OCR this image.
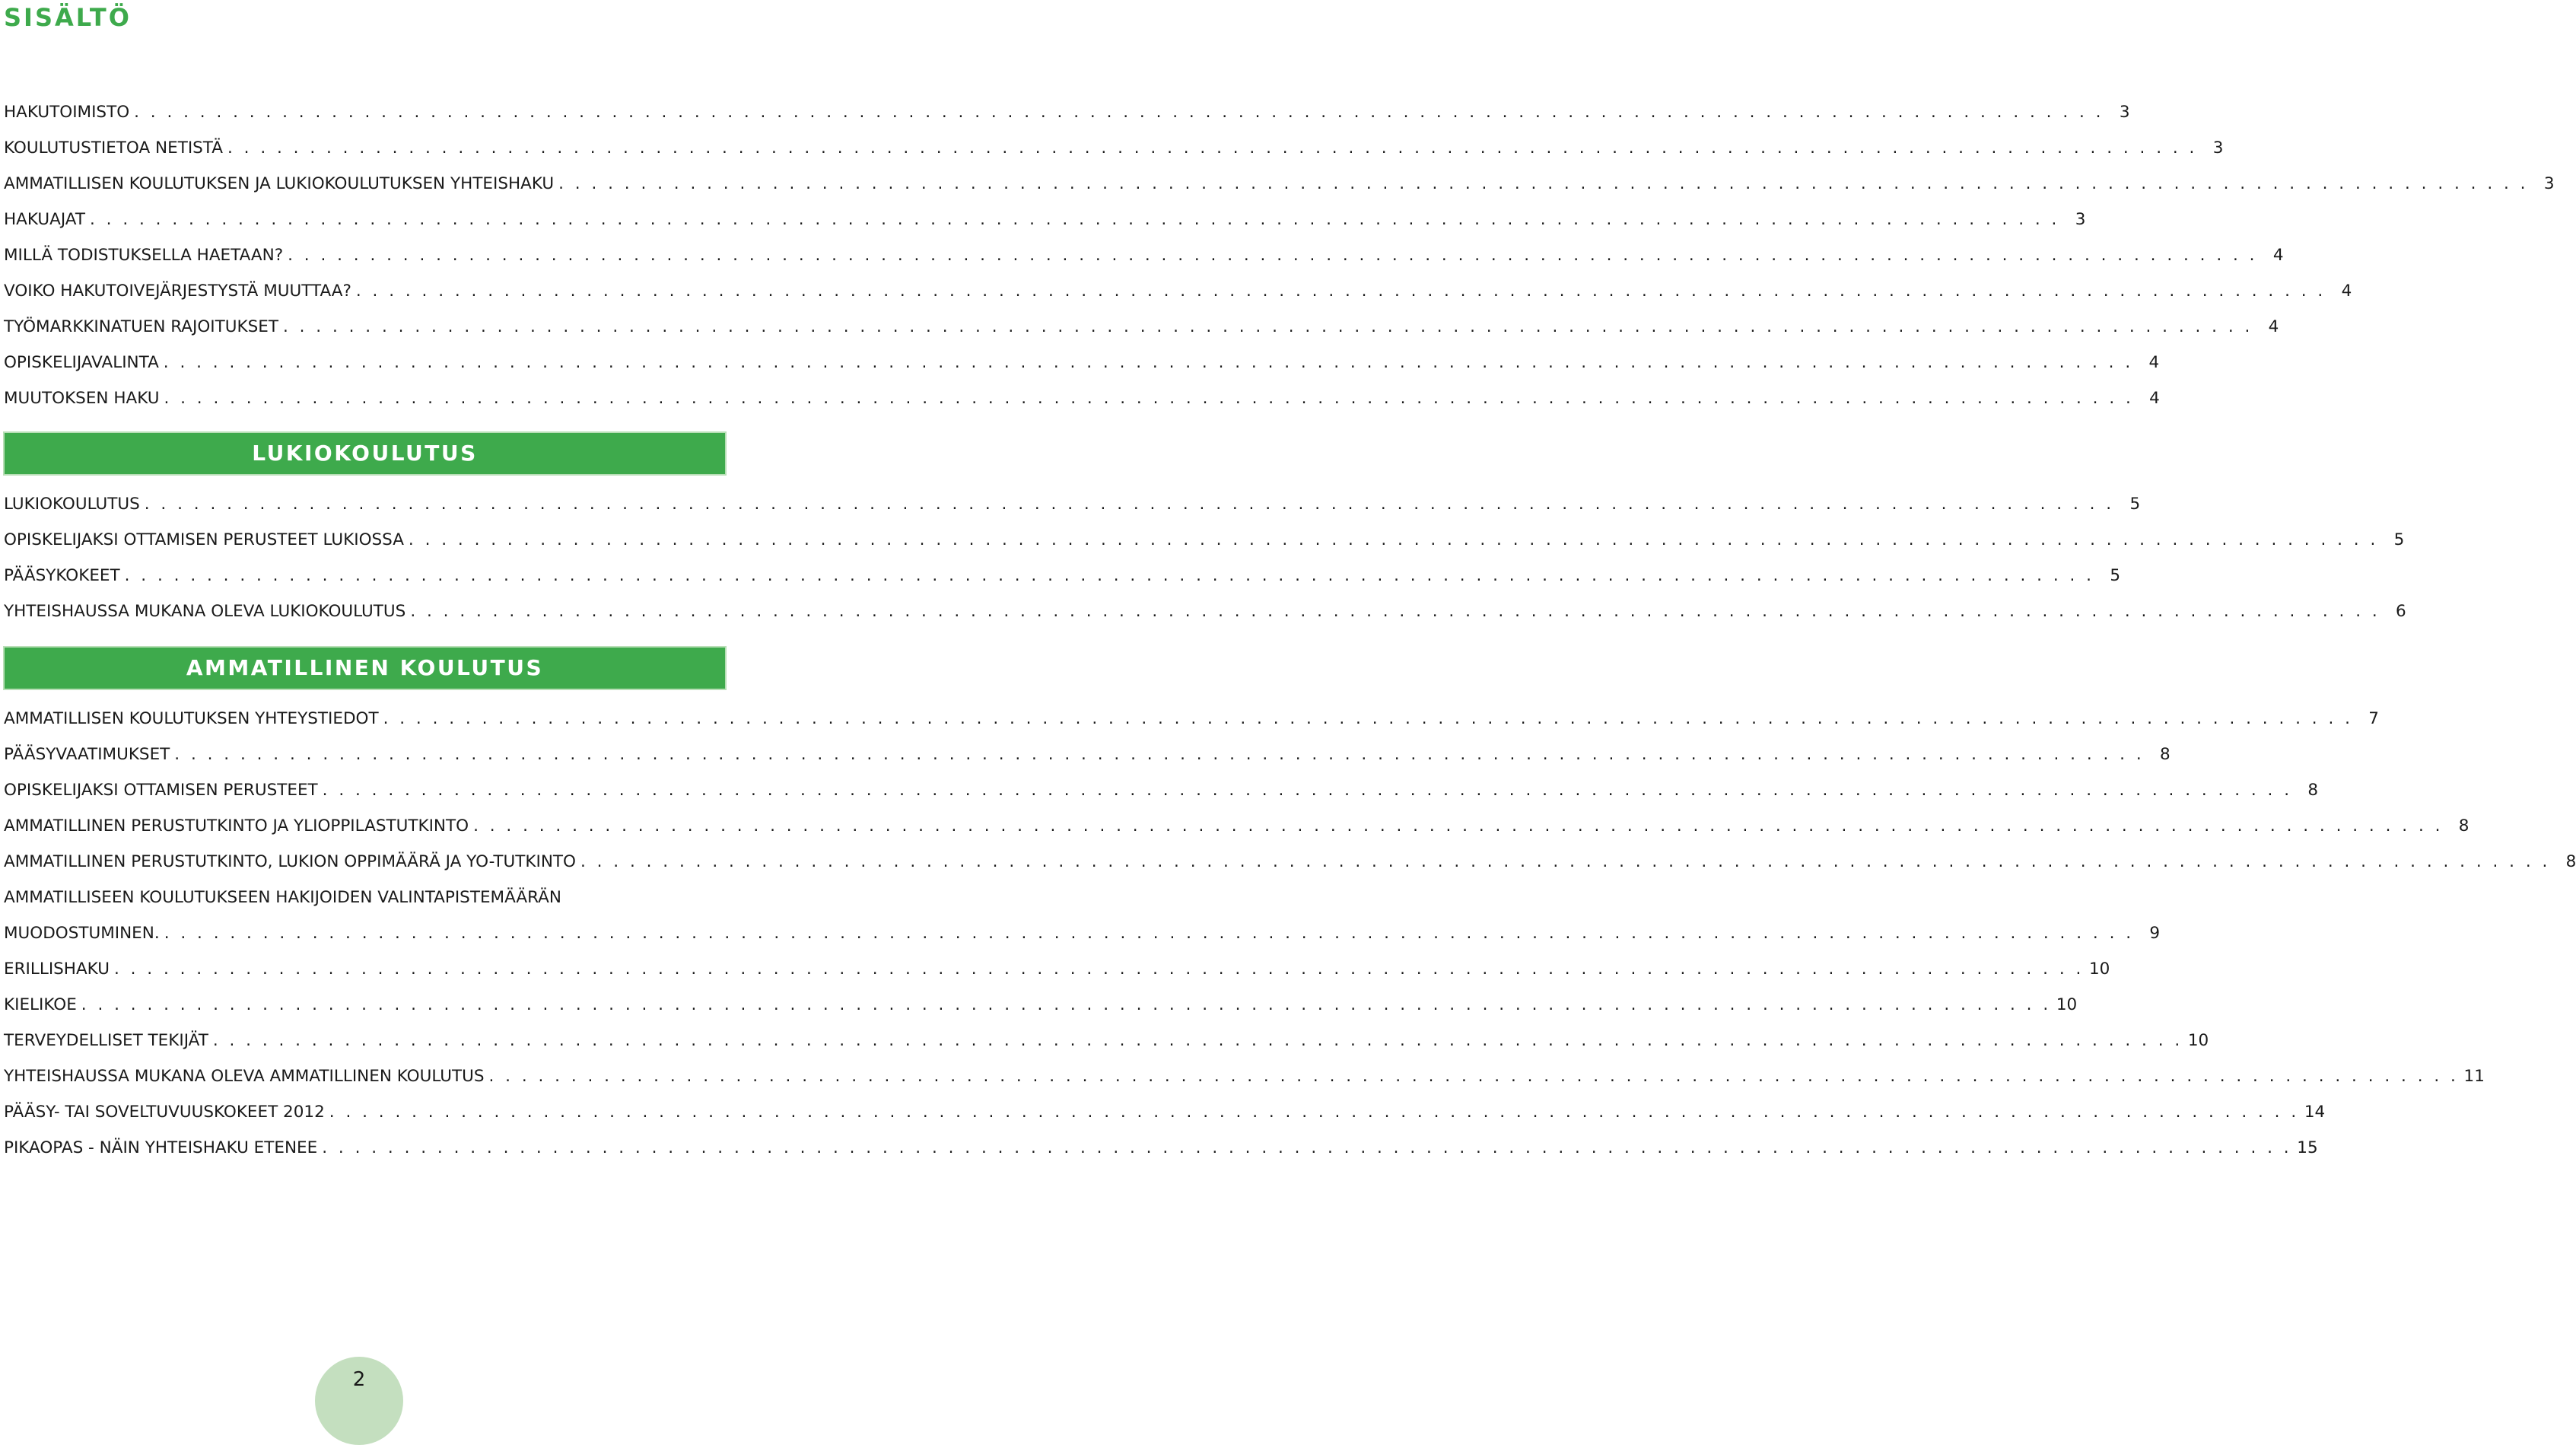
SISÄLTÖ
HAKUTOIMISTO . . . . . . . . . . . . . . . . . . . . . . . . . . . . . . . . . . . . . . . . . . . . . . . . . . . . . . . . . . . . . . . . . . . . . . . . . . . . . . . . . . . . . . . . . . . . . . . . . . . . . . . . . . . . . . . . . . . . . . . . 3
KOULUTUSTIETOA NETISTÄ . . . . . . . . . . . . . . . . . . . . . . . . . . . . . . . . . . . . . . . . . . . . . . . . . . . . . . . . . . . . . . . . . . . . . . . . . . . . . . . . . . . . . . . . . . . . . . . . . . . . . . . . . . . . . . . . . . . . . . . . 3
AMMATILLISEN KOULUTUKSEN JA LUKIOKOULUTUKSEN YHTEISHAKU . . . . . . . . . . . . . . . . . . . . . . . . . . . . . . . . . . . . . . . . . . . . . . . . . . . . . . . . . . . . . . . . . . . . . . . . . . . . . . . . . . . . . . . . . . . . . . . . . . . . . . . . . . . . . . . . . . . . . . . . 3
HAKUAJAT . . . . . . . . . . . . . . . . . . . . . . . . . . . . . . . . . . . . . . . . . . . . . . . . . . . . . . . . . . . . . . . . . . . . . . . . . . . . . . . . . . . . . . . . . . . . . . . . . . . . . . . . . . . . . . . . . . . . . . . . 3
MILLÄ TODISTUKSELLA HAETAAN? . . . . . . . . . . . . . . . . . . . . . . . . . . . . . . . . . . . . . . . . . . . . . . . . . . . . . . . . . . . . . . . . . . . . . . . . . . . . . . . . . . . . . . . . . . . . . . . . . . . . . . . . . . . . . . . . . . . . . . . . 4
VOIKO HAKUTOIVEJÄRJESTYSTÄ MUUTTAA? . . . . . . . . . . . . . . . . . . . . . . . . . . . . . . . . . . . . . . . . . . . . . . . . . . . . . . . . . . . . . . . . . . . . . . . . . . . . . . . . . . . . . . . . . . . . . . . . . . . . . . . . . . . . . . . . . . . . . . . . 4
TYÖMARKKINATUEN RAJOITUKSET . . . . . . . . . . . . . . . . . . . . . . . . . . . . . . . . . . . . . . . . . . . . . . . . . . . . . . . . . . . . . . . . . . . . . . . . . . . . . . . . . . . . . . . . . . . . . . . . . . . . . . . . . . . . . . . . . . . . . . . . 4
OPISKELIJAVALINTA . . . . . . . . . . . . . . . . . . . . . . . . . . . . . . . . . . . . . . . . . . . . . . . . . . . . . . . . . . . . . . . . . . . . . . . . . . . . . . . . . . . . . . . . . . . . . . . . . . . . . . . . . . . . . . . . . . . . . . . . 4
MUUTOKSEN HAKU . . . . . . . . . . . . . . . . . . . . . . . . . . . . . . . . . . . . . . . . . . . . . . . . . . . . . . . . . . . . . . . . . . . . . . . . . . . . . . . . . . . . . . . . . . . . . . . . . . . . . . . . . . . . . . . . . . . . . . . . 4
LUKIOKOULUTUS
LUKIOKOULUTUS . . . . . . . . . . . . . . . . . . . . . . . . . . . . . . . . . . . . . . . . . . . . . . . . . . . . . . . . . . . . . . . . . . . . . . . . . . . . . . . . . . . . . . . . . . . . . . . . . . . . . . . . . . . . . . . . . . . . . . . . 5
OPISKELIJAKSI OTTAMISEN PERUSTEET LUKIOSSA . . . . . . . . . . . . . . . . . . . . . . . . . . . . . . . . . . . . . . . . . . . . . . . . . . . . . . . . . . . . . . . . . . . . . . . . . . . . . . . . . . . . . . . . . . . . . . . . . . . . . . . . . . . . . . . . . . . . . . . . 5
PÄÄSYKOKEET . . . . . . . . . . . . . . . . . . . . . . . . . . . . . . . . . . . . . . . . . . . . . . . . . . . . . . . . . . . . . . . . . . . . . . . . . . . . . . . . . . . . . . . . . . . . . . . . . . . . . . . . . . . . . . . . . . . . . . . . 5
YHTEISHAUSSA MUKANA OLEVA LUKIOKOULUTUS . . . . . . . . . . . . . . . . . . . . . . . . . . . . . . . . . . . . . . . . . . . . . . . . . . . . . . . . . . . . . . . . . . . . . . . . . . . . . . . . . . . . . . . . . . . . . . . . . . . . . . . . . . . . . . . . . . . . . . . . 6
AMMATILLINEN KOULUTUS
AMMATILLISEN KOULUTUKSEN YHTEYSTIEDOT . . . . . . . . . . . . . . . . . . . . . . . . . . . . . . . . . . . . . . . . . . . . . . . . . . . . . . . . . . . . . . . . . . . . . . . . . . . . . . . . . . . . . . . . . . . . . . . . . . . . . . . . . . . . . . . . . . . . . . . . 7
PÄÄSYVAATIMUKSET . . . . . . . . . . . . . . . . . . . . . . . . . . . . . . . . . . . . . . . . . . . . . . . . . . . . . . . . . . . . . . . . . . . . . . . . . . . . . . . . . . . . . . . . . . . . . . . . . . . . . . . . . . . . . . . . . . . . . . . . 8
OPISKELIJAKSI OTTAMISEN PERUSTEET . . . . . . . . . . . . . . . . . . . . . . . . . . . . . . . . . . . . . . . . . . . . . . . . . . . . . . . . . . . . . . . . . . . . . . . . . . . . . . . . . . . . . . . . . . . . . . . . . . . . . . . . . . . . . . . . . . . . . . . . 8
AMMATILLINEN PERUSTUTKINTO JA YLIOPPILASTUTKINTO . . . . . . . . . . . . . . . . . . . . . . . . . . . . . . . . . . . . . . . . . . . . . . . . . . . . . . . . . . . . . . . . . . . . . . . . . . . . . . . . . . . . . . . . . . . . . . . . . . . . . . . . . . . . . . . . . . . . . . . . 8
AMMATILLINEN PERUSTUTKINTO, LUKION OPPIMÄÄRÄ JA YO-TUTKINTO . . . . . . . . . . . . . . . . . . . . . . . . . . . . . . . . . . . . . . . . . . . . . . . . . . . . . . . . . . . . . . . . . . . . . . . . . . . . . . . . . . . . . . . . . . . . . . . . . . . . . . . . . . . . . . . . . . . . . . . . 8
AMMATILLISEEN KOULUTUKSEEN HAKIJOIDEN VALINTAPISTEMÄÄRÄN
MUODOSTUMINEN. . . . . . . . . . . . . . . . . . . . . . . . . . . . . . . . . . . . . . . . . . . . . . . . . . . . . . . . . . . . . . . . . . . . . . . . . . . . . . . . . . . . . . . . . . . . . . . . . . . . . . . . . . . . . . . . . . . . . . . . . 9
ERILLISHAKU . . . . . . . . . . . . . . . . . . . . . . . . . . . . . . . . . . . . . . . . . . . . . . . . . . . . . . . . . . . . . . . . . . . . . . . . . . . . . . . . . . . . . . . . . . . . . . . . . . . . . . . . . . . . . . . . . . . . . . . . 10
KIELIKOE . . . . . . . . . . . . . . . . . . . . . . . . . . . . . . . . . . . . . . . . . . . . . . . . . . . . . . . . . . . . . . . . . . . . . . . . . . . . . . . . . . . . . . . . . . . . . . . . . . . . . . . . . . . . . . . . . . . . . . . . 10
TERVEYDELLISET TEKIJÄT . . . . . . . . . . . . . . . . . . . . . . . . . . . . . . . . . . . . . . . . . . . . . . . . . . . . . . . . . . . . . . . . . . . . . . . . . . . . . . . . . . . . . . . . . . . . . . . . . . . . . . . . . . . . . . . . . . . . . . . . 10
YHTEISHAUSSA MUKANA OLEVA AMMATILLINEN KOULUTUS . . . . . . . . . . . . . . . . . . . . . . . . . . . . . . . . . . . . . . . . . . . . . . . . . . . . . . . . . . . . . . . . . . . . . . . . . . . . . . . . . . . . . . . . . . . . . . . . . . . . . . . . . . . . . . . . . . . . . . . . 11
PÄÄSY- TAI SOVELTUVUUSKOKEET 2012 . . . . . . . . . . . . . . . . . . . . . . . . . . . . . . . . . . . . . . . . . . . . . . . . . . . . . . . . . . . . . . . . . . . . . . . . . . . . . . . . . . . . . . . . . . . . . . . . . . . . . . . . . . . . . . . . . . . . . . . . 14
PIKAOPAS - NÄIN YHTEISHAKU ETENEE . . . . . . . . . . . . . . . . . . . . . . . . . . . . . . . . . . . . . . . . . . . . . . . . . . . . . . . . . . . . . . . . . . . . . . . . . . . . . . . . . . . . . . . . . . . . . . . . . . . . . . . . . . . . . . . . . . . . . . . . 15
2
